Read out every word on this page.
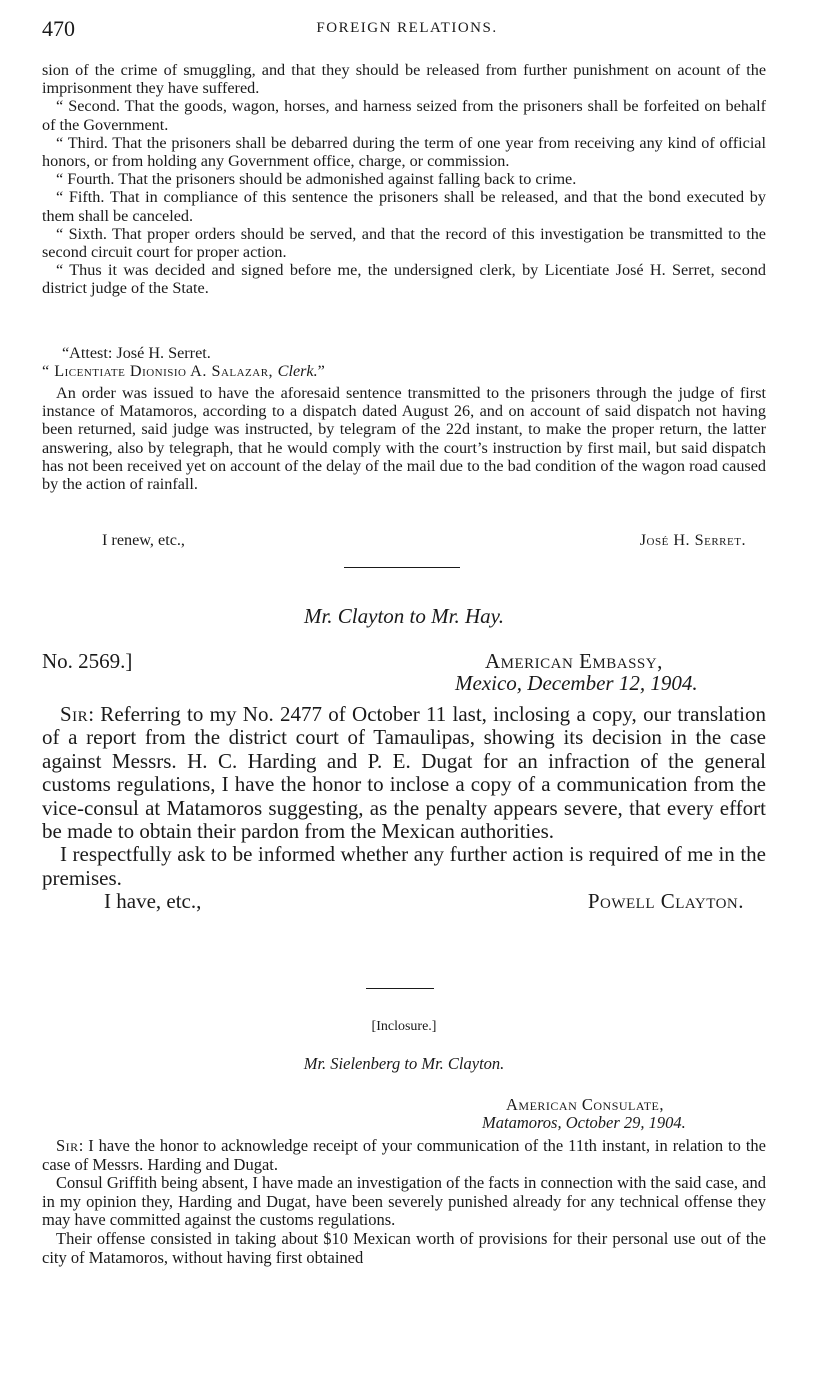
470	FOREIGN RELATIONS.

sion of the crime of smuggling, and that they should be released from further punishment on acount of the imprisonment they have suffered.

“ Second. That the goods, wagon, horses, and harness seized from the prisoners shall be forfeited on behalf of the Government.

“ Third. That the prisoners shall be debarred during the term of one year from receiving any kind of official honors, or from holding any Government office, charge, or commission.

“ Fourth. That the prisoners should be admonished against falling back to crime.

“ Fifth. That in compliance of this sentence the prisoners shall be released, and that the bond executed by them shall be canceled.

“ Sixth. That proper orders should be served, and that the record of this investigation be transmitted to the second circuit court for proper action.

“ Thus it was decided and signed before me, the undersigned clerk, by Licentiate José H. Serret, second district judge of the State.

“Attest: José H. Serret.

“ Licentiate Dionisio A. Salazar, Clerk.”

An order was issued to have the aforesaid sentence transmitted to the prisoners through the judge of first instance of Matamoros, according to a dispatch dated August 26, and on account of said dispatch not having been returned, said judge was instructed, by telegram of the 22d instant, to make the proper return, the latter answering, also by telegraph, that he would comply with the court’s instruction by first mail, but said dispatch has not been received yet on account of the delay of the mail due to the bad condition of the wagon road caused by the action of rainfall.

I renew, etc.,	José H. Serret.

Mr. Clayton to Mr. Hay.

No. 2569.]	American Embassy,
Mexico, December 12, 1904.

Sir: Referring to my No. 2477 of October 11 last, inclosing a copy, our translation of a report from the district court of Tamaulipas, showing its decision in the case against Messrs. H. C. Harding and P. E. Dugat for an infraction of the general customs regulations, I have the honor to inclose a copy of a communication from the vice-consul at Matamoros suggesting, as the penalty appears severe, that every effort be made to obtain their pardon from the Mexican authorities.

I respectfully ask to be informed whether any further action is required of me in the premises.

I have, etc.,	Powell Clayton.

[Inclosure.]
Mr. Sielenberg to Mr. Clayton.

American Consulate,
Matamoros, October 29, 1904.

Sir: I have the honor to acknowledge receipt of your communication of the 11th instant, in relation to the case of Messrs. Harding and Dugat.

Consul Griffith being absent, I have made an investigation of the facts in connection with the said case, and in my opinion they, Harding and Dugat, have been severely punished already for any technical offense they may have committed against the customs regulations.

Their offense consisted in taking about $10 Mexican worth of provisions for their personal use out of the city of Matamoros, without having first obtained
